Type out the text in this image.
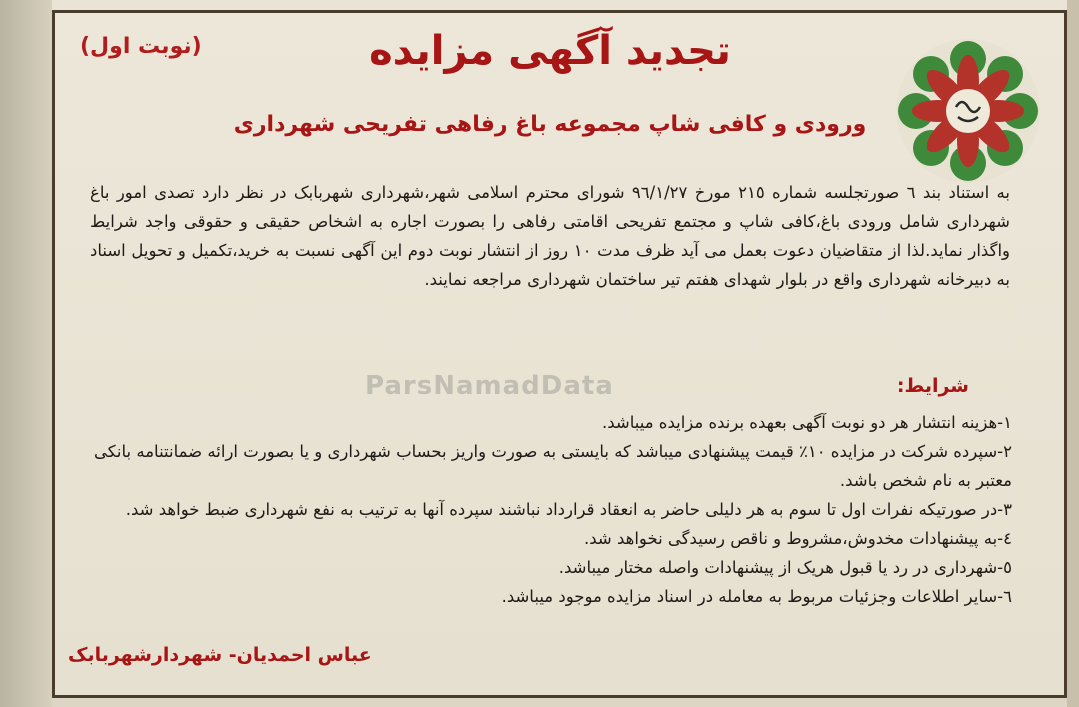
(نوبت اول)	تجدید آگهی مزایده
ورودی و کافی شاپ مجموعه باغ رفاهی تفریحی شهرداری

به استناد بند ٦ صورتجلسه شماره ٢١٥ مورخ ٩٦/١/٢٧ شورای محترم اسلامی شهر،شهرداری شهربابک در نظر دارد تصدی امور باغ شهرداری شامل ورودی باغ،کافی شاپ و مجتمع تفریحی اقامتی رفاهی را بصورت اجاره به اشخاص حقیقی و حقوقی واجد شرایط واگذار نماید.لذا از متقاضیان دعوت بعمل می آید ظرف مدت ١٠ روز از انتشار نوبت دوم این آگهی نسبت به خرید،تکمیل و تحویل اسناد به دبیرخانه شهرداری واقع در بلوار شهدای هفتم تیر ساختمان شهرداری مراجعه نمایند.

ParsNamadData	شرایط:
١-هزینه انتشار هر دو نوبت آگهی بعهده برنده مزایده میباشد.
٢-سپرده شرکت در مزایده ١٠٪ قیمت پیشنهادی میباشد که بایستی به صورت واریز بحساب شهرداری و یا بصورت ارائه ضمانتنامه بانکی معتبر به نام شخص باشد.
٣-در صورتیکه نفرات اول تا سوم به هر دلیلی حاضر به انعقاد قرارداد نباشند سپرده آنها به ترتیب به نفع شهرداری ضبط خواهد شد.
٤-به پیشنهادات مخدوش،مشروط و ناقص رسیدگی نخواهد شد.
٥-شهرداری در رد یا قبول هریک از پیشنهادات واصله مختار میباشد.
٦-سایر اطلاعات وجزئیات مربوط به معامله در اسناد مزایده موجود میباشد.
عباس احمدیان- شهردارشهربابک
